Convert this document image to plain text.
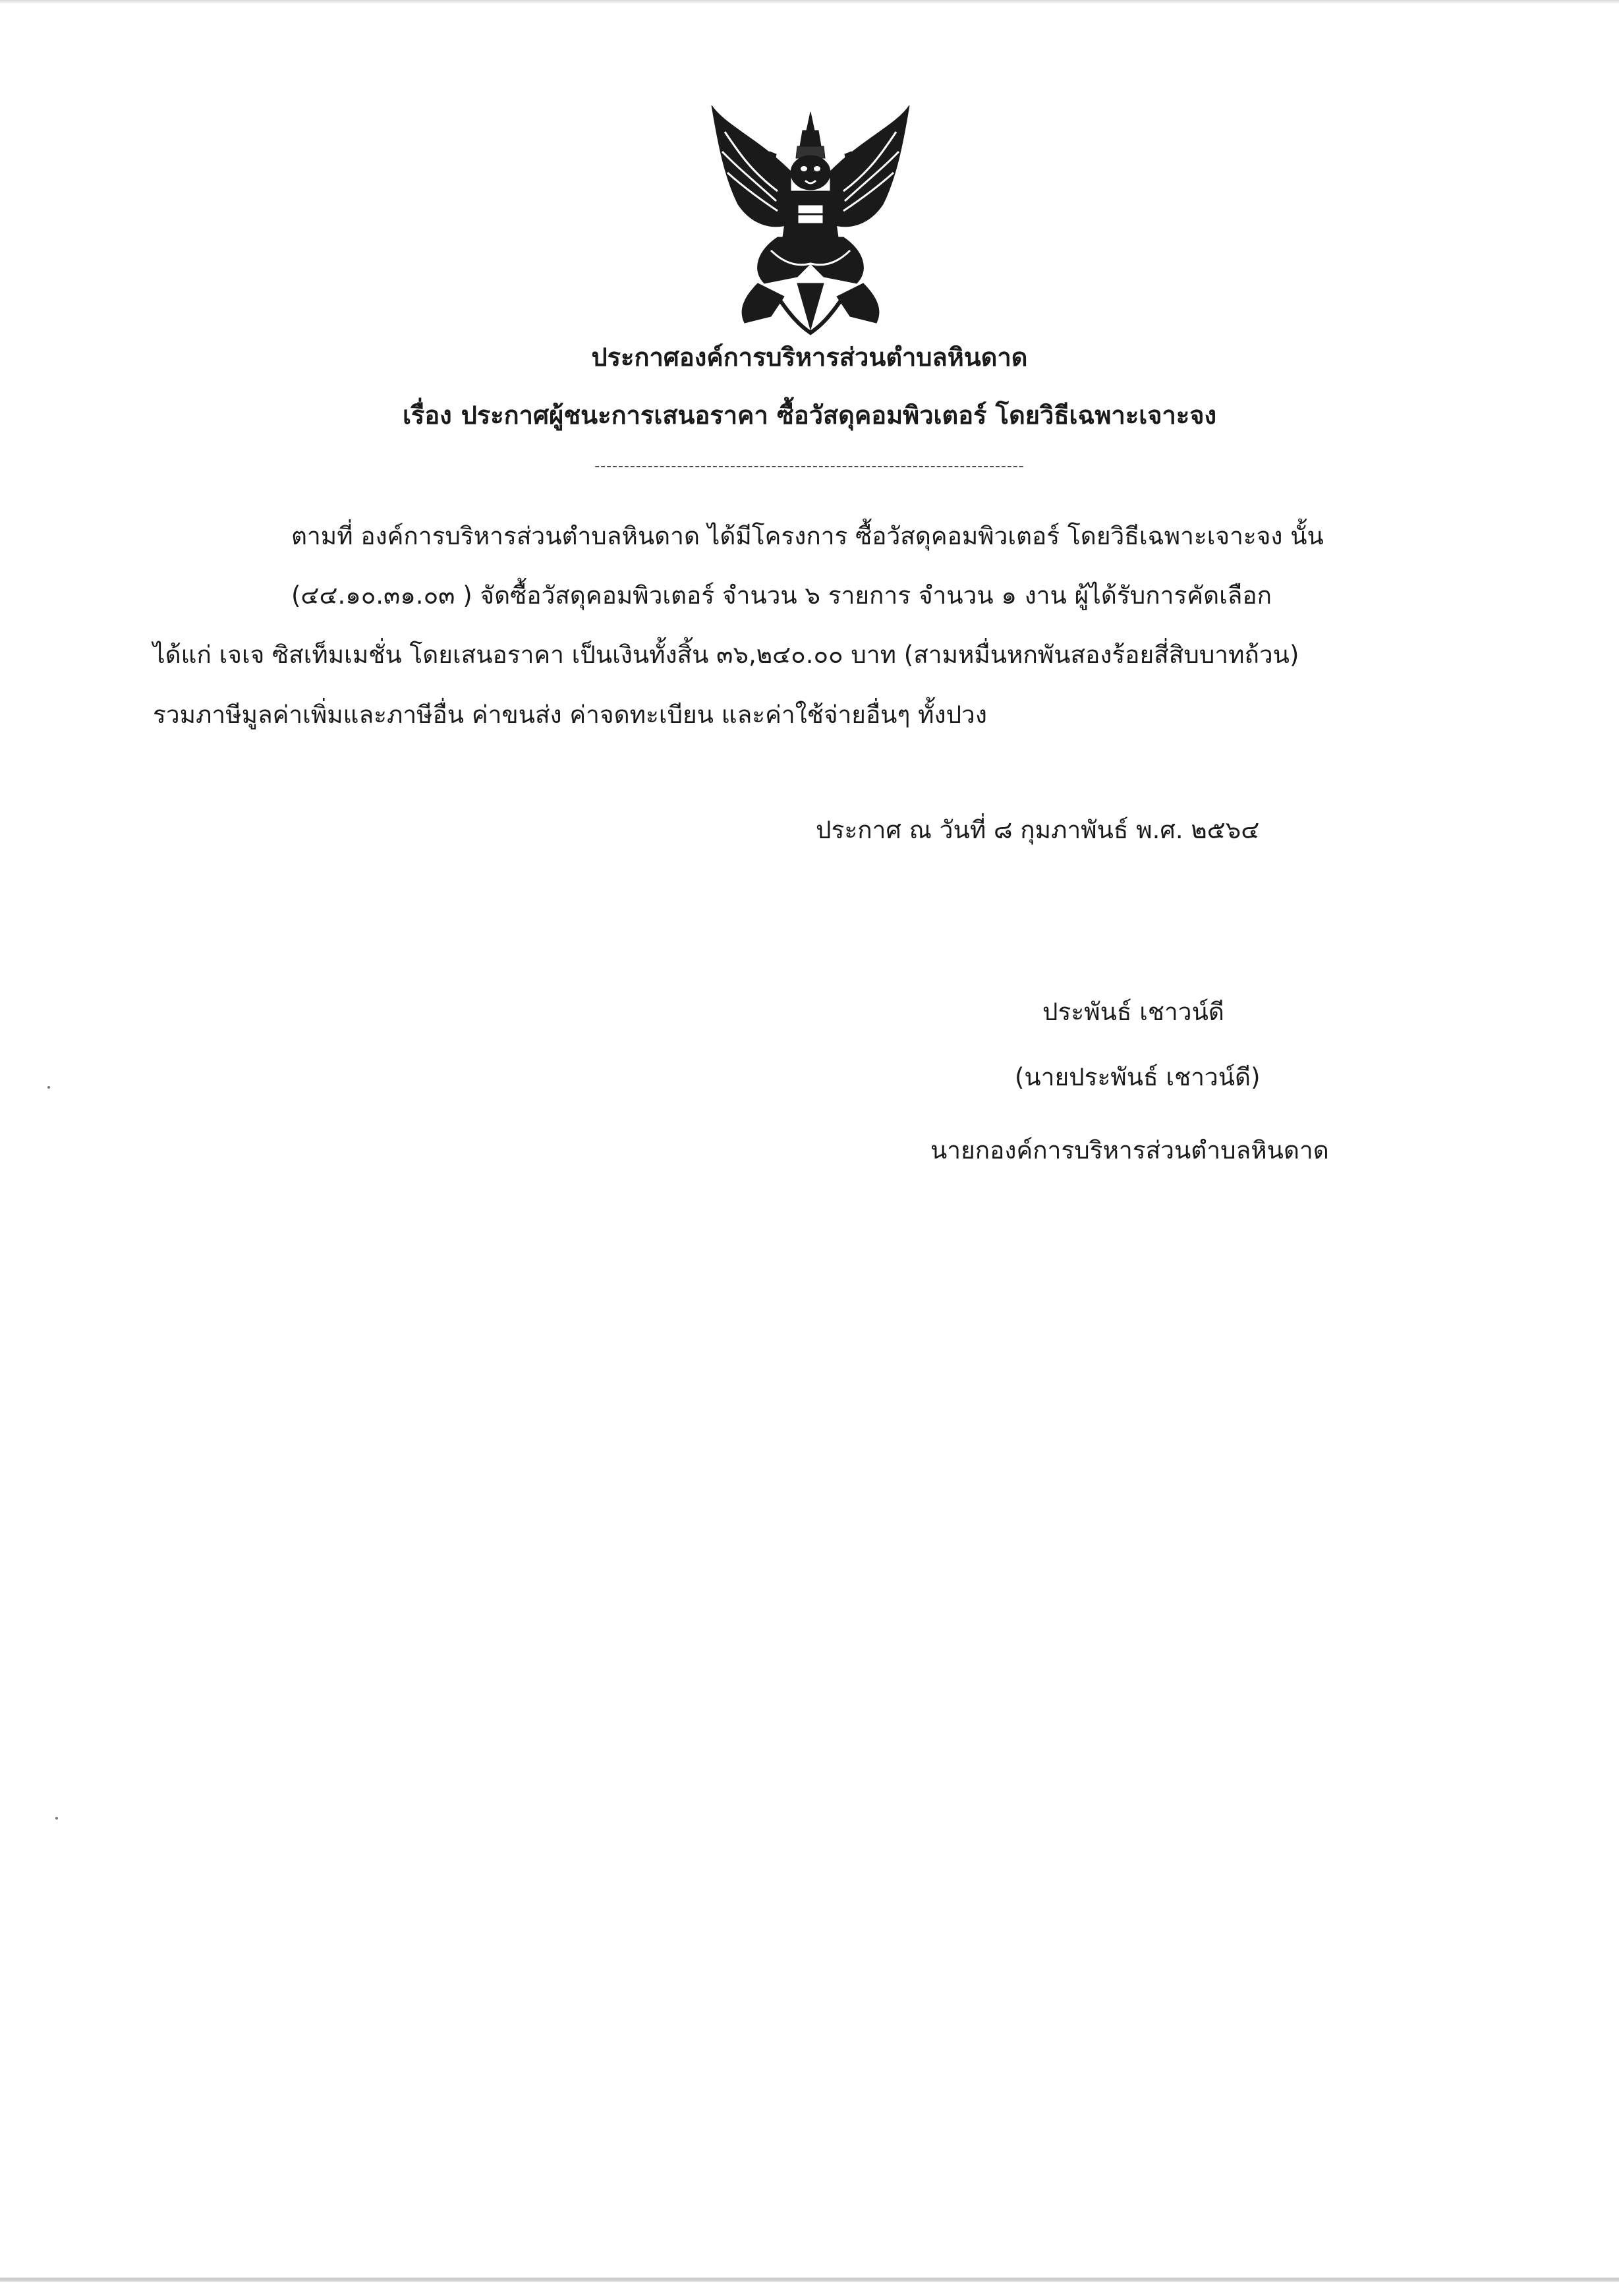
ประกาศองค์การบริหารส่วนตำบลหินดาด
เรื่อง ประกาศผู้ชนะการเสนอราคา ซื้อวัสดุคอมพิวเตอร์ โดยวิธีเฉพาะเจาะจง
-------------------------------------------------------------------------
ตามที่ องค์การบริหารส่วนตำบลหินดาด ได้มีโครงการ ซื้อวัสดุคอมพิวเตอร์ โดยวิธีเฉพาะเจาะจง นั้น
(๔๔.๑๐.๓๑.๐๓ ) จัดซื้อวัสดุคอมพิวเตอร์ จำนวน ๖ รายการ จำนวน ๑ งาน ผู้ได้รับการคัดเลือก
ได้แก่ เจเจ ซิสเท็มเมชั่น โดยเสนอราคา เป็นเงินทั้งสิ้น ๓๖,๒๔๐.๐๐ บาท (สามหมื่นหกพันสองร้อยสี่สิบบาทถ้วน)
รวมภาษีมูลค่าเพิ่มและภาษีอื่น ค่าขนส่ง ค่าจดทะเบียน และค่าใช้จ่ายอื่นๆ ทั้งปวง
ประกาศ ณ วันที่ ๘ กุมภาพันธ์ พ.ศ. ๒๕๖๔
ประพันธ์ เชาวน์ดี
(นายประพันธ์ เชาวน์ดี)
นายกองค์การบริหารส่วนตำบลหินดาด
